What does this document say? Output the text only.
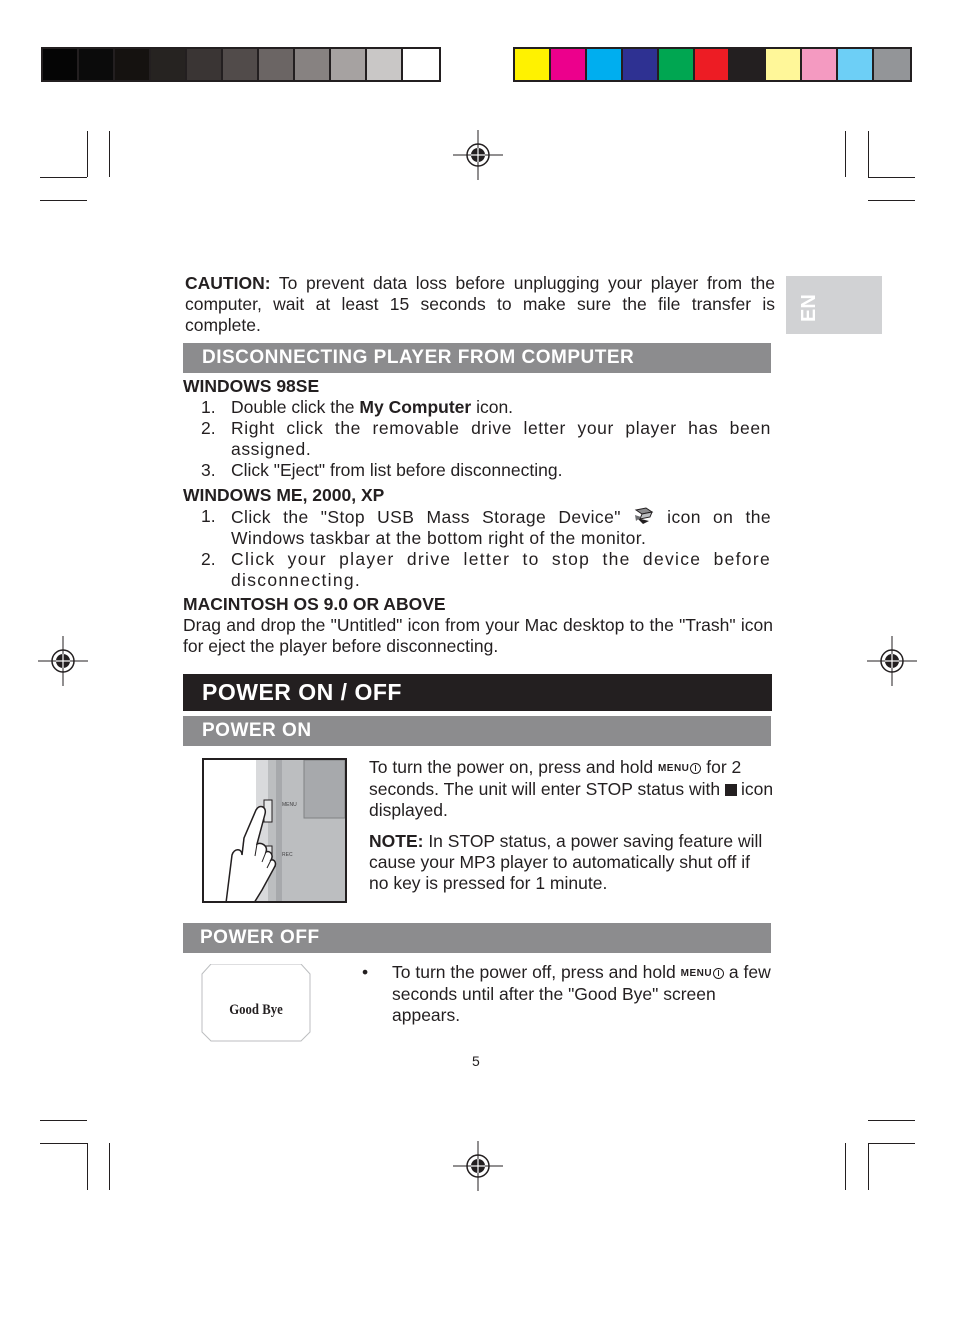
EN
CAUTION: To prevent data loss before unplugging your player from the computer, wait at least 15 seconds to make sure the file transfer is complete.
DISCONNECTING PLAYER FROM COMPUTER
WINDOWS 98SE
1. Double click the My Computer icon.
2. Right click the removable drive letter your player has been assigned.
3. Click "Eject" from list before disconnecting.
WINDOWS ME, 2000, XP
1. Click the "Stop USB Mass Storage Device"  icon on the Windows taskbar at the bottom right of the monitor.
2. Click your player drive letter to stop the device before disconnecting.
MACINTOSH OS 9.0 OR ABOVE
Drag and drop the "Untitled" icon from your Mac desktop to the "Trash" icon for eject the player before disconnecting.
POWER ON / OFF
POWER ON
MENU
REC
To turn the power on, press and hold MENU for 2 seconds. The unit will enter STOP status with icon displayed.
NOTE: In STOP status, a power saving feature will cause your MP3 player to automatically shut off if no key is pressed for 1 minute.
POWER OFF
Good Bye
• To turn the power off, press and hold MENU a few seconds until after the "Good Bye" screen appears.
5
